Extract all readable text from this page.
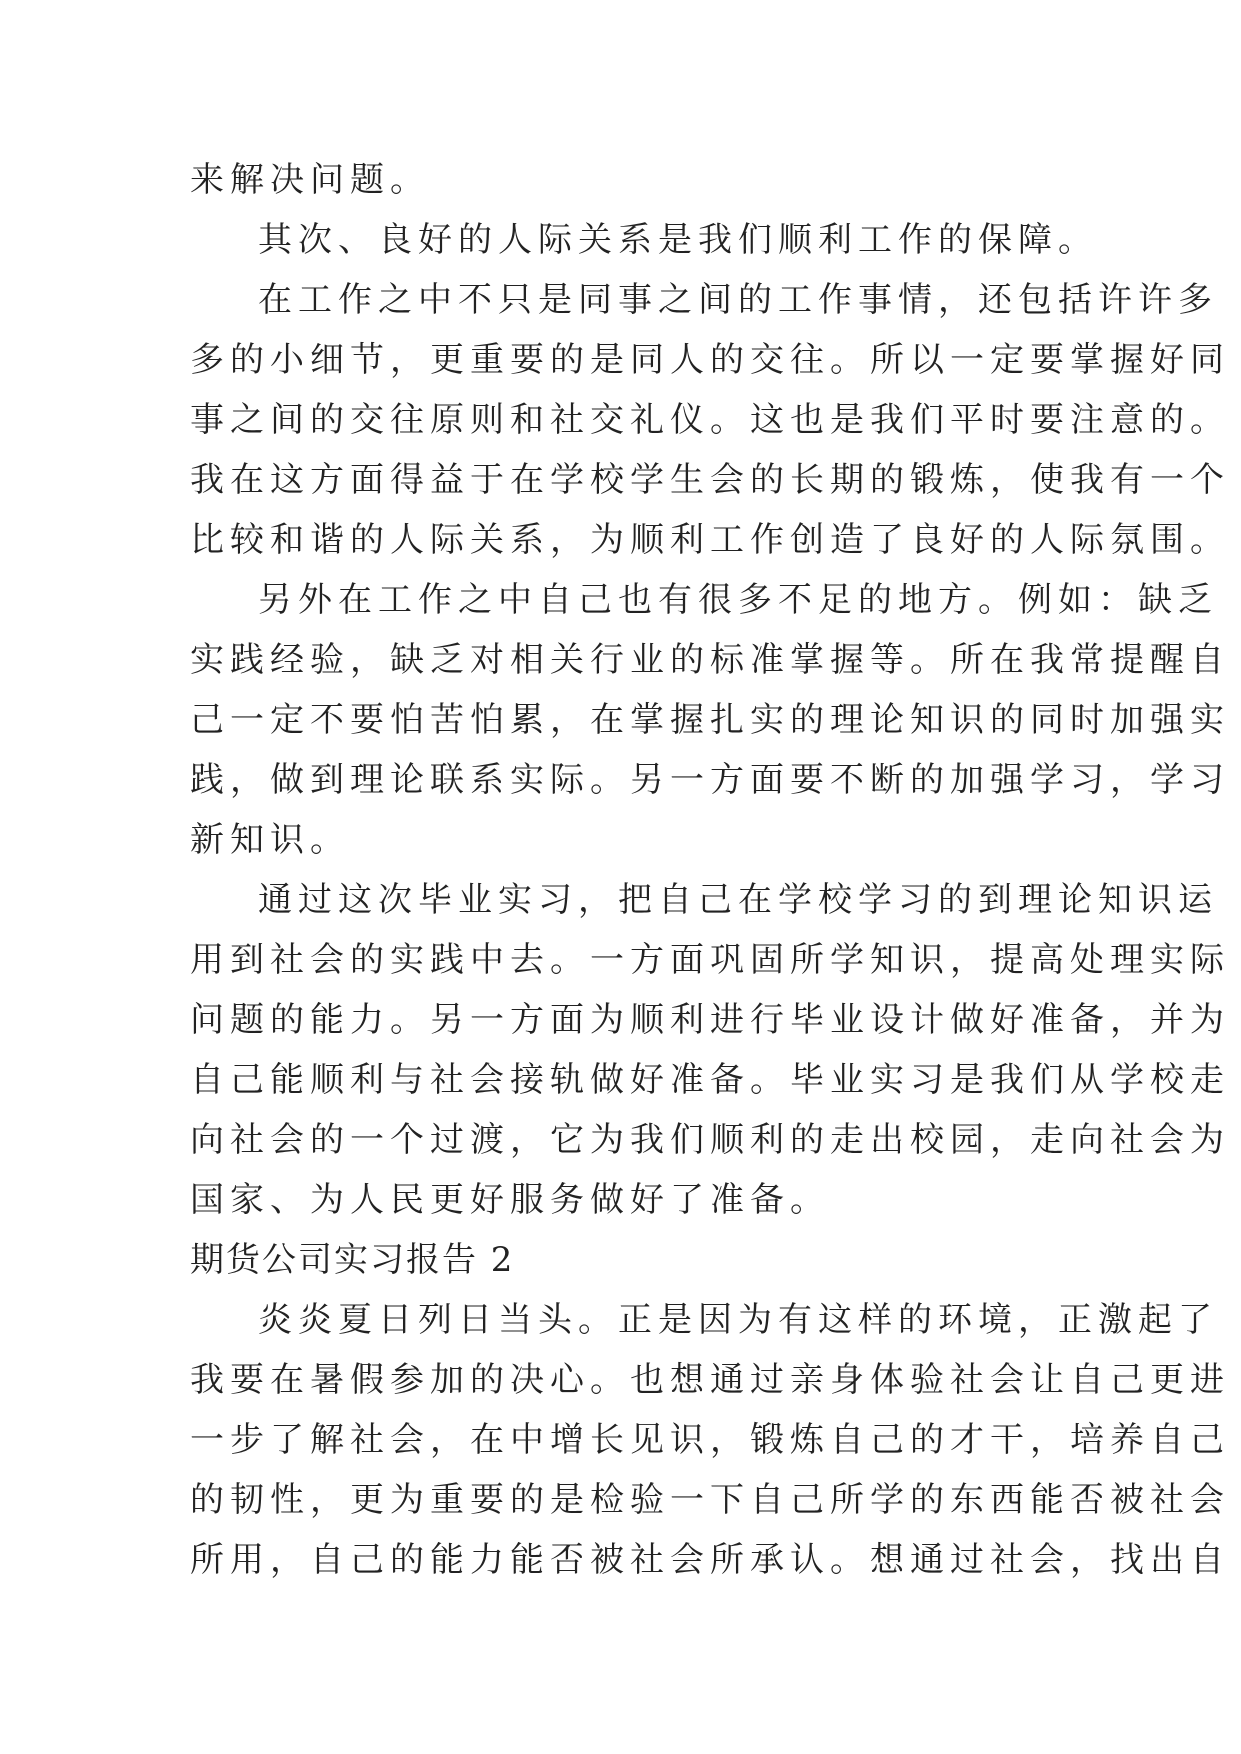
来解决问题。
其次、良好的人际关系是我们顺利工作的保障。
在工作之中不只是同事之间的工作事情，还包括许许多
多的小细节，更重要的是同人的交往。所以一定要掌握好同
事之间的交往原则和社交礼仪。这也是我们平时要注意的。
我在这方面得益于在学校学生会的长期的锻炼，使我有一个
比较和谐的人际关系，为顺利工作创造了良好的人际氛围。
另外在工作之中自己也有很多不足的地方。例如：缺乏
实践经验，缺乏对相关行业的标准掌握等。所在我常提醒自
己一定不要怕苦怕累，在掌握扎实的理论知识的同时加强实
践，做到理论联系实际。另一方面要不断的加强学习，学习
新知识。
通过这次毕业实习，把自己在学校学习的到理论知识运
用到社会的实践中去。一方面巩固所学知识，提高处理实际
问题的能力。另一方面为顺利进行毕业设计做好准备，并为
自己能顺利与社会接轨做好准备。毕业实习是我们从学校走
向社会的一个过渡，它为我们顺利的走出校园，走向社会为
国家、为人民更好服务做好了准备。
期货公司实习报告 2
炎炎夏日列日当头。正是因为有这样的环境，正激起了
我要在暑假参加的决心。也想通过亲身体验社会让自己更进
一步了解社会，在中增长见识，锻炼自己的才干，培养自己
的韧性，更为重要的是检验一下自己所学的东西能否被社会
所用，自己的能力能否被社会所承认。想通过社会，找出自
